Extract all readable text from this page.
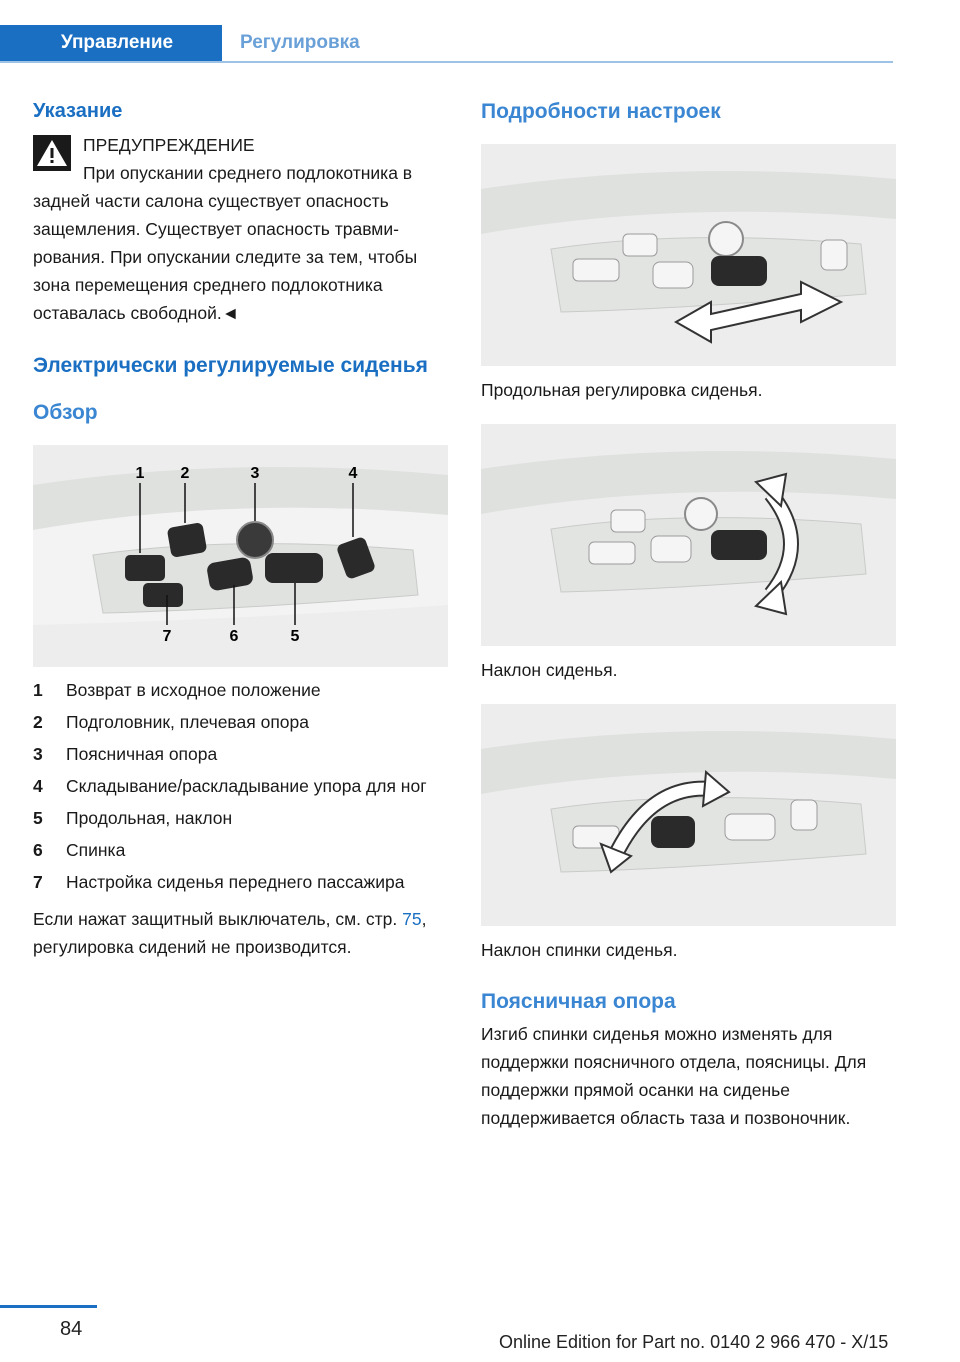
Управление	Регулировка
Указание
ПРЕДУПРЕЖДЕНИЕ

При опускании среднего подлокотника в задней части салона существует опасность защемления. Существует опасность травмирования. При опускании следите за тем, чтобы зона перемещения среднего подлокотника оставалась свободной.◄

Электрически регулируемые сиденья
Обзор
1 2	3	4
7	6	5
1	Возврат в исходное положение
2	Подголовник, плечевая опора
3	Поясничная опора
4	Складывание/раскладывание упора для ног
5	Продольная, наклон
6	Спинка
7	Настройка сиденья переднего пассажира

Если нажат защитный выключатель, см. стр. 75, регулировка сидений не производится.

Подробности настроек

Продольная регулировка сиденья.

Наклон сиденья.

Наклон спинки сиденья.

Поясничная опора

Изгиб спинки сиденья можно изменять для поддержки поясничного отдела, поясницы. Для поддержки прямой осанки на сиденье поддерживается область таза и позвоночник.

84
Online Edition for Part no. 0140 2 966 470 - X/15
